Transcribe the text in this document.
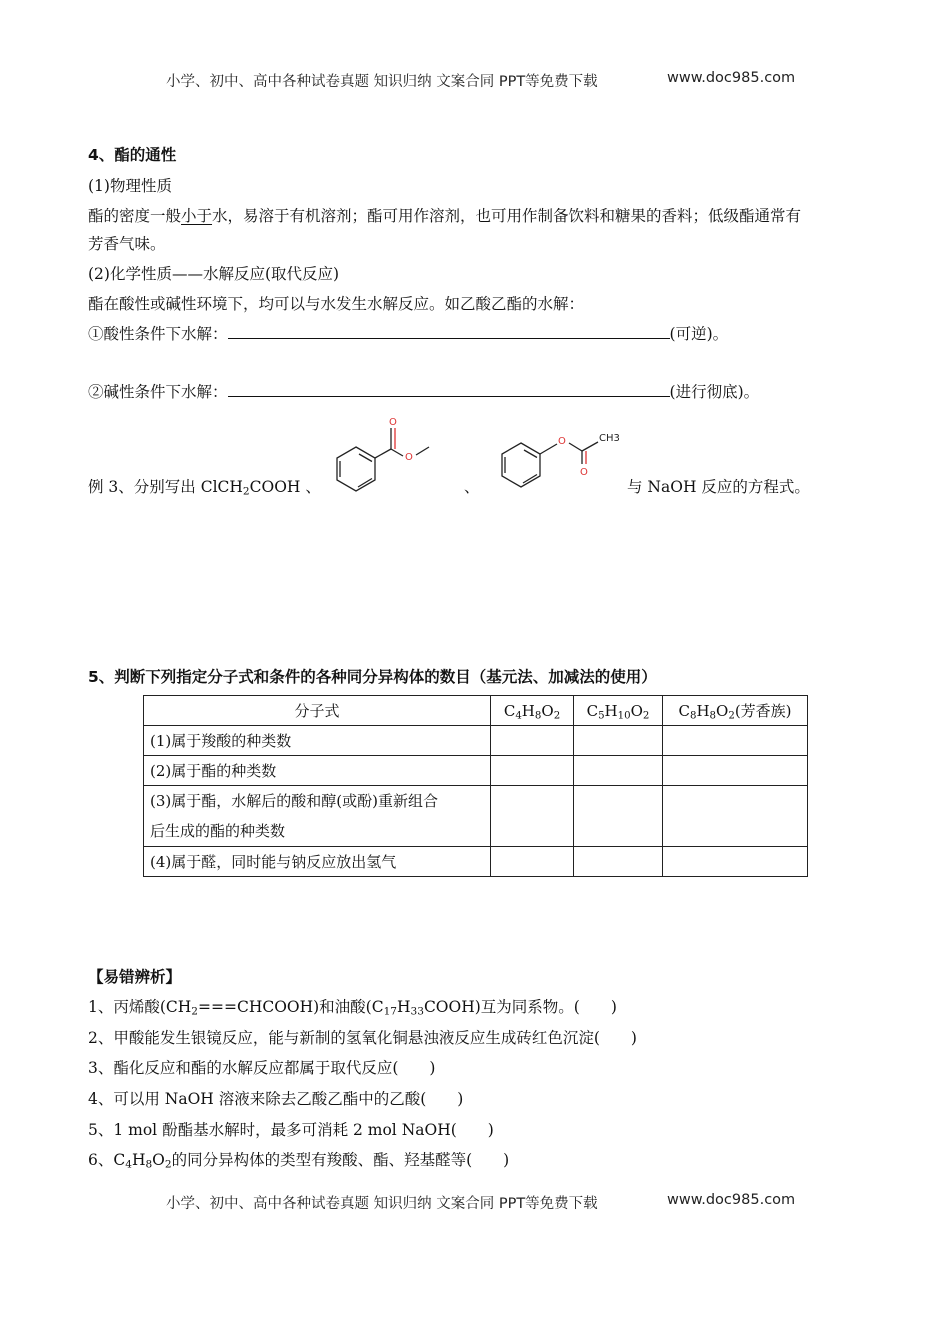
小学、初中、高中各种试卷真题 知识归纳 文案合同 PPT等免费下载	www.doc985.com
4、酯的通性
(1)物理性质
酯的密度一般小于水，易溶于有机溶剂；酯可用作溶剂，也可用作制备饮料和糖果的香料；低级酯通常有
芳香气味。
(2)化学性质——水解反应(取代反应)
酯在酸性或碱性环境下，均可以与水发生水解反应。如乙酸乙酯的水解：
①酸性条件下水解：	(可逆)。
②碱性条件下水解：	(进行彻底)。
例 3、分别写出 ClCH$_2$COOH 、
O
O
、
O
O
CH3
与 NaOH 反应的方程式。
5、判断下列指定分子式和条件的各种同分异构体的数目（基元法、加减法的使用）
分子式	$C_4H_8O_2$	$C_5H_{10}O_2$	$C_8H_8O_2$(芳香族)
(1)属于羧酸的种类数			
(2)属于酯的种类数			
(3)属于酯，水解后的酸和醇(或酚)重新组合
后生成的酯的种类数			
(4)属于醛，同时能与钠反应放出氢气			
【易错辨析】
1、丙烯酸$(CH_2===CHCOOH)$和油酸$(C_{17}H_{33}COOH)$互为同系物。(　　)
2、甲酸能发生银镜反应，能与新制的氢氧化铜悬浊液反应生成砖红色沉淀(　　)
3、酯化反应和酯的水解反应都属于取代反应(　　)
4、可以用 NaOH 溶液来除去乙酸乙酯中的乙酸(　　)
5、1 mol 酚酯基水解时，最多可消耗 2 mol NaOH(　　)
6、$C_4H_8O_2$的同分异构体的类型有羧酸、酯、羟基醛等(　　)
小学、初中、高中各种试卷真题 知识归纳 文案合同 PPT等免费下载	www.doc985.com
